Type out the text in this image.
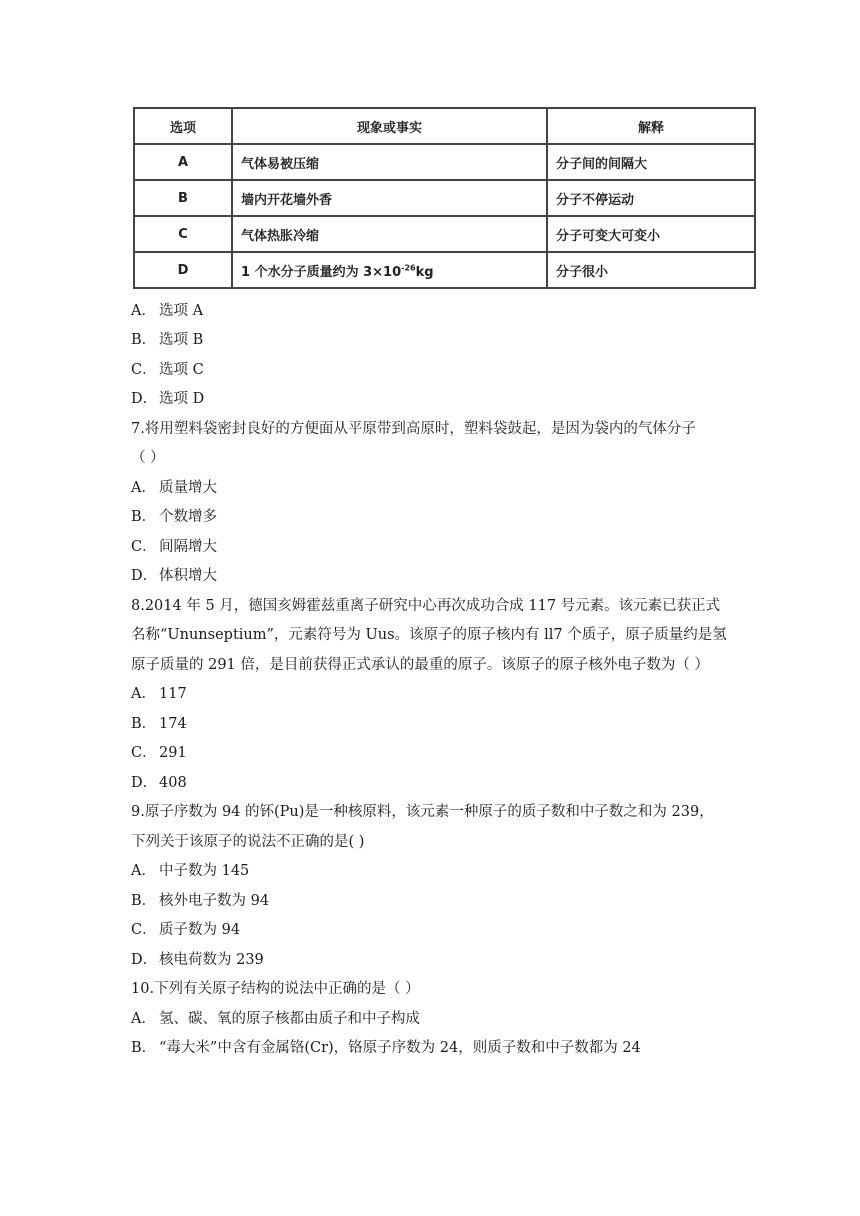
选项	现象或事实	解释
A	气体易被压缩	分子间的间隔大
B	墙内开花墙外香	分子不停运动
C	气体热胀冷缩	分子可变大可变小
D	1 个水分子质量约为 $3\times 10^{-26}kg$	分子很小
A． 选项 A
B． 选项 B
C． 选项 C
D． 选项 D
7.将用塑料袋密封良好的方便面从平原带到高原时，塑料袋鼓起，是因为袋内的气体分子
（ ）
A． 质量增大
B． 个数增多
C． 间隔增大
D． 体积增大
8.2014 年 5 月，德国亥姆霍兹重离子研究中心再次成功合成 117 号元素。该元素已获正式
名称“Ununseptium”，元素符号为 Uus。该原子的原子核内有 ll7 个质子，原子质量约是氢
原子质量的 291 倍，是目前获得正式承认的最重的原子。该原子的原子核外电子数为（ ）
A． 117
B． 174
C． 291
D． 408
9.原子序数为 94 的钚(Pu)是一种核原料，该元素一种原子的质子数和中子数之和为 239，
下列关于该原子的说法不正确的是( )
A． 中子数为 145
B． 核外电子数为 94
C． 质子数为 94
D． 核电荷数为 239
10.下列有关原子结构的说法中正确的是（ ）
A． 氢、碳、氧的原子核都由质子和中子构成
B． “毒大米”中含有金属铬(Cr)，铬原子序数为 24，则质子数和中子数都为 24
